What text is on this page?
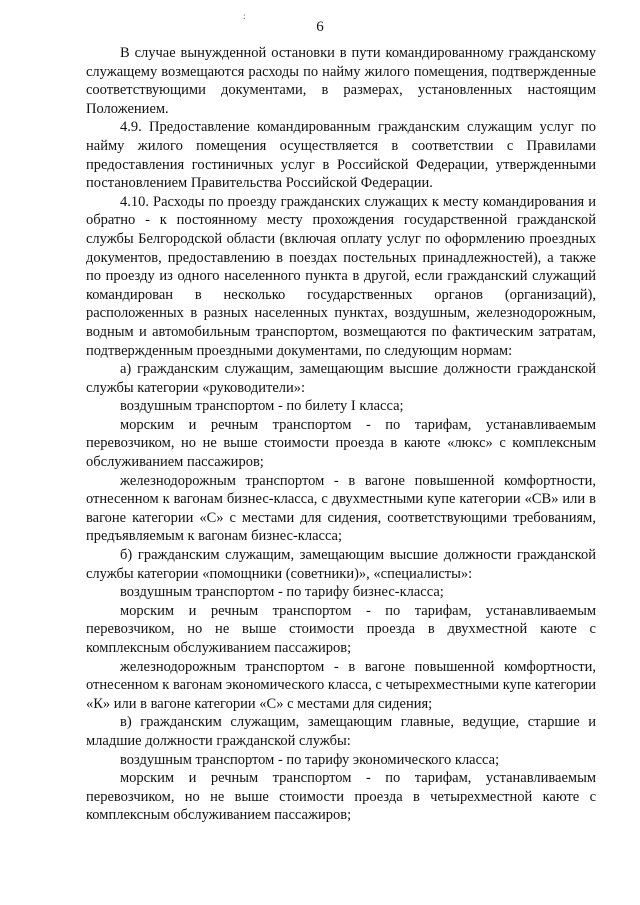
:
6

В случае вынужденной остановки в пути командированному гражданскому служащему возмещаются расходы по найму жилого помещения, подтвержденные соответствующими документами, в размерах, установленных настоящим Положением.

4.9. Предоставление командированным гражданским служащим услуг по найму жилого помещения осуществляется в соответствии с Правилами предоставления гостиничных услуг в Российской Федерации, утвержденными постановлением Правительства Российской Федерации.

4.10. Расходы по проезду гражданских служащих к месту командирования и обратно - к постоянному месту прохождения государственной гражданской службы Белгородской области (включая оплату услуг по оформлению проездных документов, предоставлению в поездах постельных принадлежностей), а также по проезду из одного населенного пункта в другой, если гражданский служащий командирован в несколько государственных органов (организаций), расположенных в разных населенных пунктах, воздушным, железнодорожным, водным и автомобильным транспортом, возмещаются по фактическим затратам, подтвержденным проездными документами, по следующим нормам:

а) гражданским служащим, замещающим высшие должности гражданской службы категории «руководители»:

воздушным транспортом - по билету I класса;

морским и речным транспортом - по тарифам, устанавливаемым перевозчиком, но не выше стоимости проезда в каюте «люкс» с комплексным обслуживанием пассажиров;

железнодорожным транспортом - в вагоне повышенной комфортности, отнесенном к вагонам бизнес-класса, с двухместными купе категории «СВ» или в вагоне категории «С» с местами для сидения, соответствующими требованиям, предъявляемым к вагонам бизнес-класса;

б) гражданским служащим, замещающим высшие должности гражданской службы категории «помощники (советники)», «специалисты»:

воздушным транспортом - по тарифу бизнес-класса;

морским и речным транспортом - по тарифам, устанавливаемым перевозчиком, но не выше стоимости проезда в двухместной каюте с комплексным обслуживанием пассажиров;

железнодорожным транспортом - в вагоне повышенной комфортности, отнесенном к вагонам экономического класса, с четырехместными купе категории «К» или в вагоне категории «С» с местами для сидения;

в) гражданским служащим, замещающим главные, ведущие, старшие и младшие должности гражданской службы:

воздушным транспортом - по тарифу экономического класса;

морским и речным транспортом - по тарифам, устанавливаемым перевозчиком, но не выше стоимости проезда в четырехместной каюте с комплексным обслуживанием пассажиров;
